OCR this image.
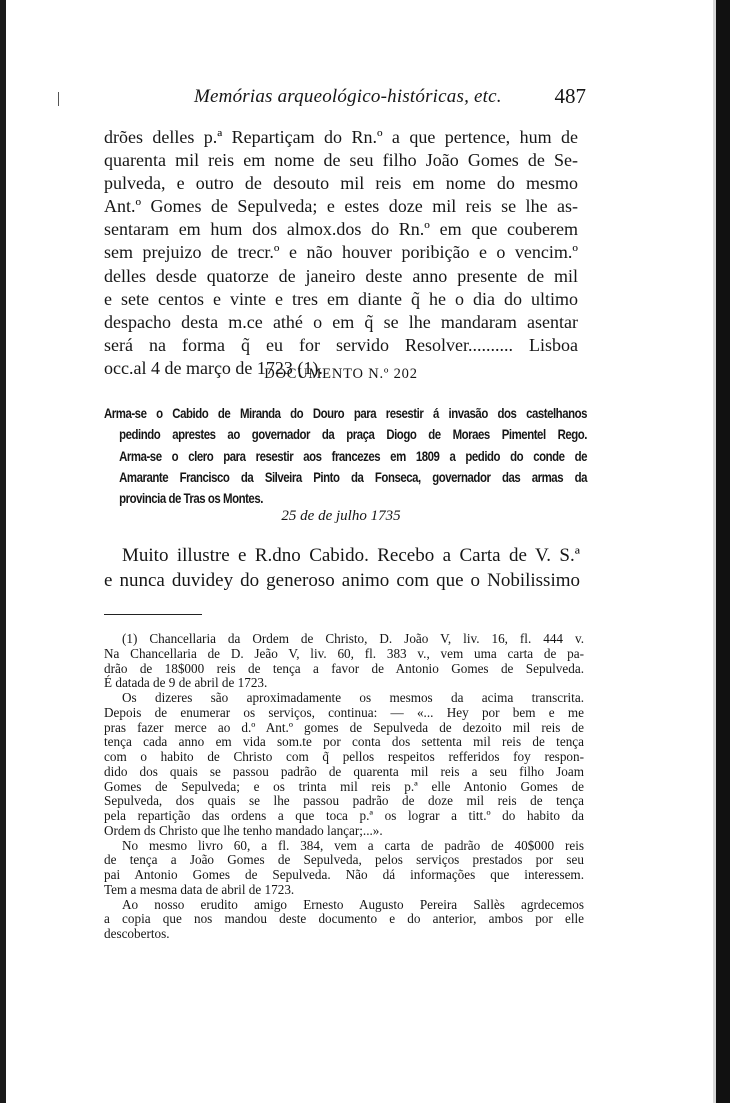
Memórias arqueológico-históricas, etc.	487
drões delles p.ª Repartiçam do Rn.º a que pertence, hum de
quarenta mil reis em nome de seu filho João Gomes de Se-
pulveda, e outro de desouto mil reis em nome do mesmo
Ant.º Gomes de Sepulveda; e estes doze mil reis se lhe as-
sentaram em hum dos almox.dos do Rn.º em que couberem
sem prejuizo de trecr.º e não houver poribição e o vencim.º
delles desde quatorze de janeiro deste anno presente de mil
e sete centos e vinte e tres em diante q̃ he o dia do ultimo
despacho desta m.ce athé o em q̃ se lhe mandaram asentar
será na forma q̃ eu for servido Resolver.......... Lisboa
occ.al 4 de março de 1723 (1).
DOCUMENTO N.º 202
Arma-se o Cabido de Miranda do Douro para resestir á invasão dos castelhanos
pedindo aprestes ao governador da praça Diogo de Moraes Pimentel Rego.
Arma-se o clero para resestir aos francezes em 1809 a pedido do conde de
Amarante Francisco da Silveira Pinto da Fonseca, governador das armas da
provincia de Tras os Montes.
25 de de julho 1735
Muito illustre e R.dno Cabido. Recebo a Carta de V. S.ª
e nunca duvidey do generoso animo com que o Nobilissimo
(1) Chancellaria da Ordem de Christo, D. João V, liv. 16, fl. 444 v.
Na Chancellaria de D. Jeão V, liv. 60, fl. 383 v., vem uma carta de pa-
drão de 18$000 reis de tença a favor de Antonio Gomes de Sepulveda.
É datada de 9 de abril de 1723.
Os dizeres são aproximadamente os mesmos da acima transcrita.
Depois de enumerar os serviços, continua: — «... Hey por bem e me
pras fazer merce ao d.º Ant.º gomes de Sepulveda de dezoito mil reis de
tença cada anno em vida som.te por conta dos settenta mil reis de tença
com o habito de Christo com q̃ pellos respeitos refferidos foy respon-
dido dos quais se passou padrão de quarenta mil reis a seu filho Joam
Gomes de Sepulveda; e os trinta mil reis p.ª elle Antonio Gomes de
Sepulveda, dos quais se lhe passou padrão de doze mil reis de tença
pela repartição das ordens a que toca p.ª os lograr a titt.º do habito da
Ordem ds Christo que lhe tenho mandado lançar;...».
No mesmo livro 60, a fl. 384, vem a carta de padrão de 40$000 reis
de tença a João Gomes de Sepulveda, pelos serviços prestados por seu
pai Antonio Gomes de Sepulveda. Não dá informações que interessem.
Tem a mesma data de abril de 1723.
Ao nosso erudito amigo Ernesto Augusto Pereira Sallès agrdecemos
a copia que nos mandou deste documento e do anterior, ambos por elle
descobertos.
